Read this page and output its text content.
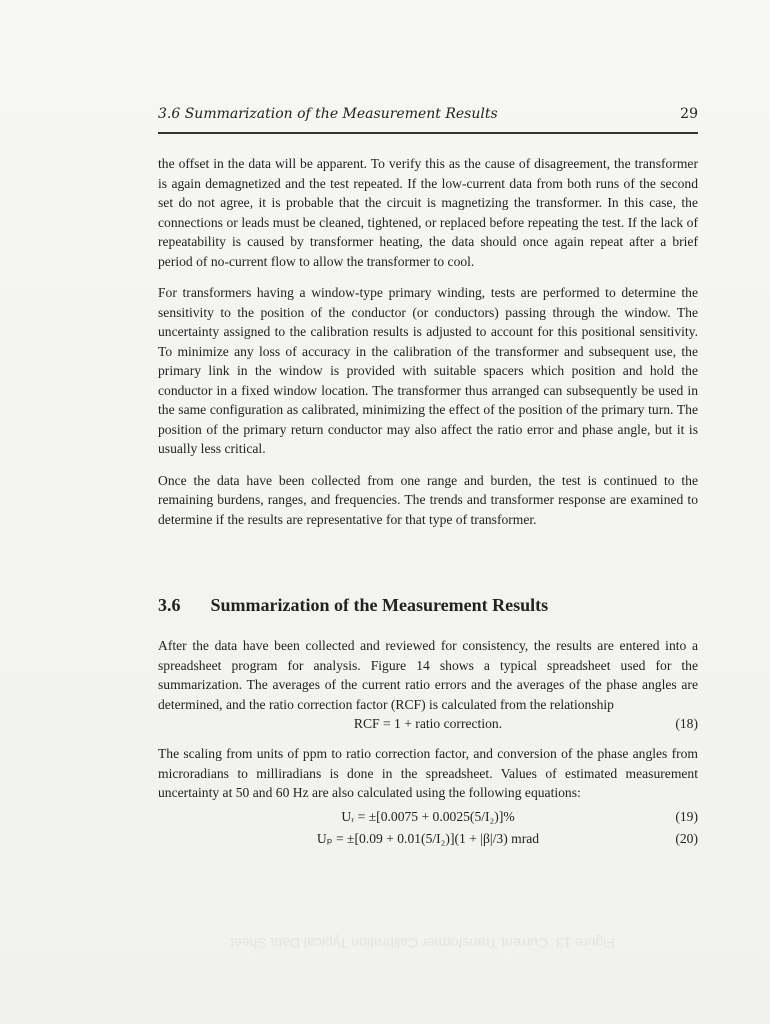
Figure 13. Current Transformer Calibration Typical Data Sheet
3.6 Summarization of the Measurement Results	29

the offset in the data will be apparent. To verify this as the cause of disagreement, the transformer is again demagnetized and the test repeated. If the low-current data from both runs of the second set do not agree, it is probable that the circuit is magnetizing the transformer. In this case, the connections or leads must be cleaned, tightened, or replaced before repeating the test. If the lack of repeatability is caused by transformer heating, the data should once again repeat after a brief period of no-current flow to allow the transformer to cool.

For transformers having a window-type primary winding, tests are performed to determine the sensitivity to the position of the conductor (or conductors) passing through the window. The uncertainty assigned to the calibration results is adjusted to account for this positional sensitivity. To minimize any loss of accuracy in the calibration of the transformer and subsequent use, the primary link in the window is provided with suitable spacers which position and hold the conductor in a fixed window location. The transformer thus arranged can subsequently be used in the same configuration as calibrated, minimizing the effect of the position of the primary turn. The position of the primary return conductor may also affect the ratio error and phase angle, but it is usually less critical.

Once the data have been collected from one range and burden, the test is continued to the remaining burdens, ranges, and frequencies. The trends and transformer response are examined to determine if the results are representative for that type of transformer.

3.6 Summarization of the Measurement Results

After the data have been collected and reviewed for consistency, the results are entered into a spreadsheet program for analysis. Figure 14 shows a typical spreadsheet used for the summarization. The averages of the current ratio errors and the averages of the phase angles are determined, and the ratio correction factor (RCF) is calculated from the relationship

RCF = 1 + ratio correction.	(18)

The scaling from units of ppm to ratio correction factor, and conversion of the phase angles from microradians to milliradians is done in the spreadsheet. Values of estimated measurement uncertainty at 50 and 60 Hz are also calculated using the following equations:

Uᵣ = ±[0.0075 + 0.0025(5/I₂)]%	(19)
Uₚ = ±[0.09 + 0.01(5/I₂)](1 + |β|/3) mrad	(20)
